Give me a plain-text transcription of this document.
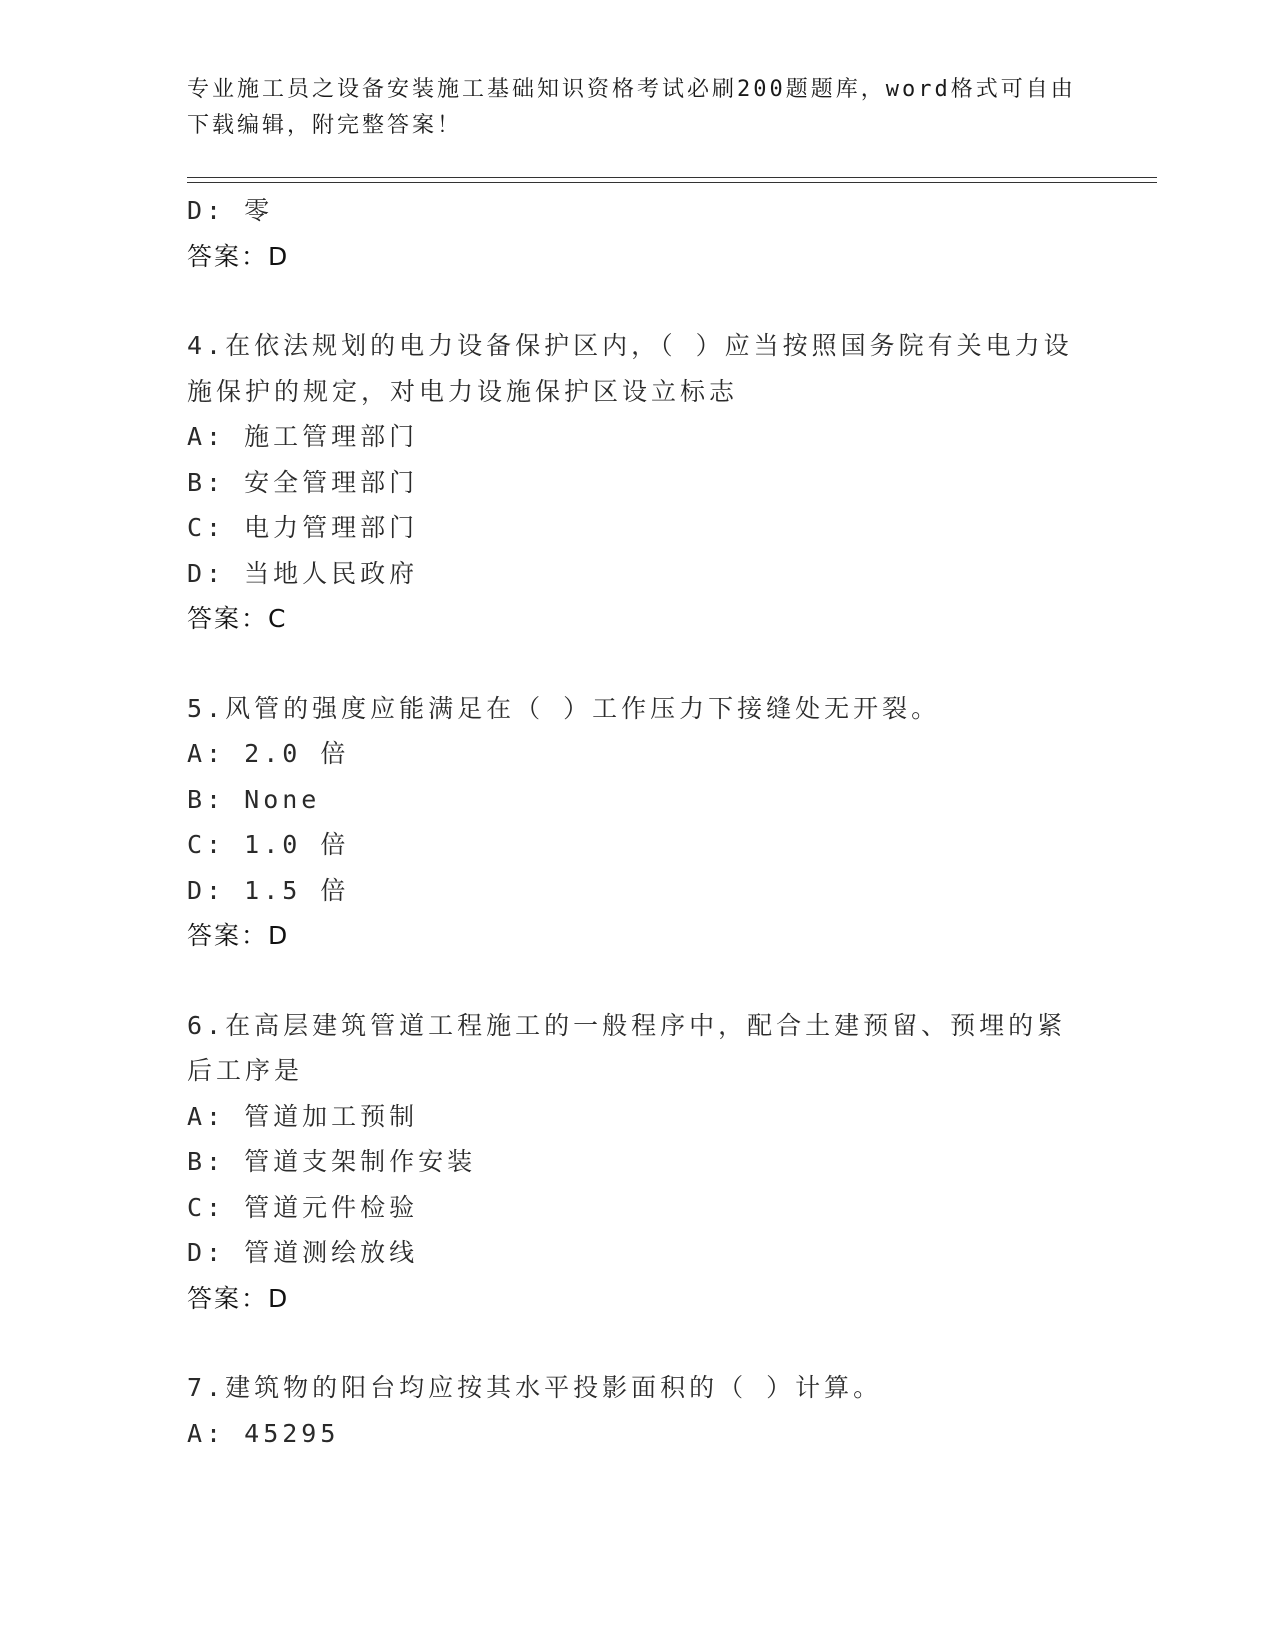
专业施工员之设备安装施工基础知识资格考试必刷200题题库，word格式可自由
下载编辑，附完整答案！
D: 零
答案：D
4.在依法规划的电力设备保护区内，（ ）应当按照国务院有关电力设
施保护的规定，对电力设施保护区设立标志
A: 施工管理部门
B: 安全管理部门
C: 电力管理部门
D: 当地人民政府
答案：C
5.风管的强度应能满足在（ ）工作压力下接缝处无开裂。
A: 2.0 倍
B: None
C: 1.0 倍
D: 1.5 倍
答案：D
6.在高层建筑管道工程施工的一般程序中，配合土建预留、预埋的紧
后工序是
A: 管道加工预制
B: 管道支架制作安装
C: 管道元件检验
D: 管道测绘放线
答案：D
7.建筑物的阳台均应按其水平投影面积的（ ）计算。
A: 45295
